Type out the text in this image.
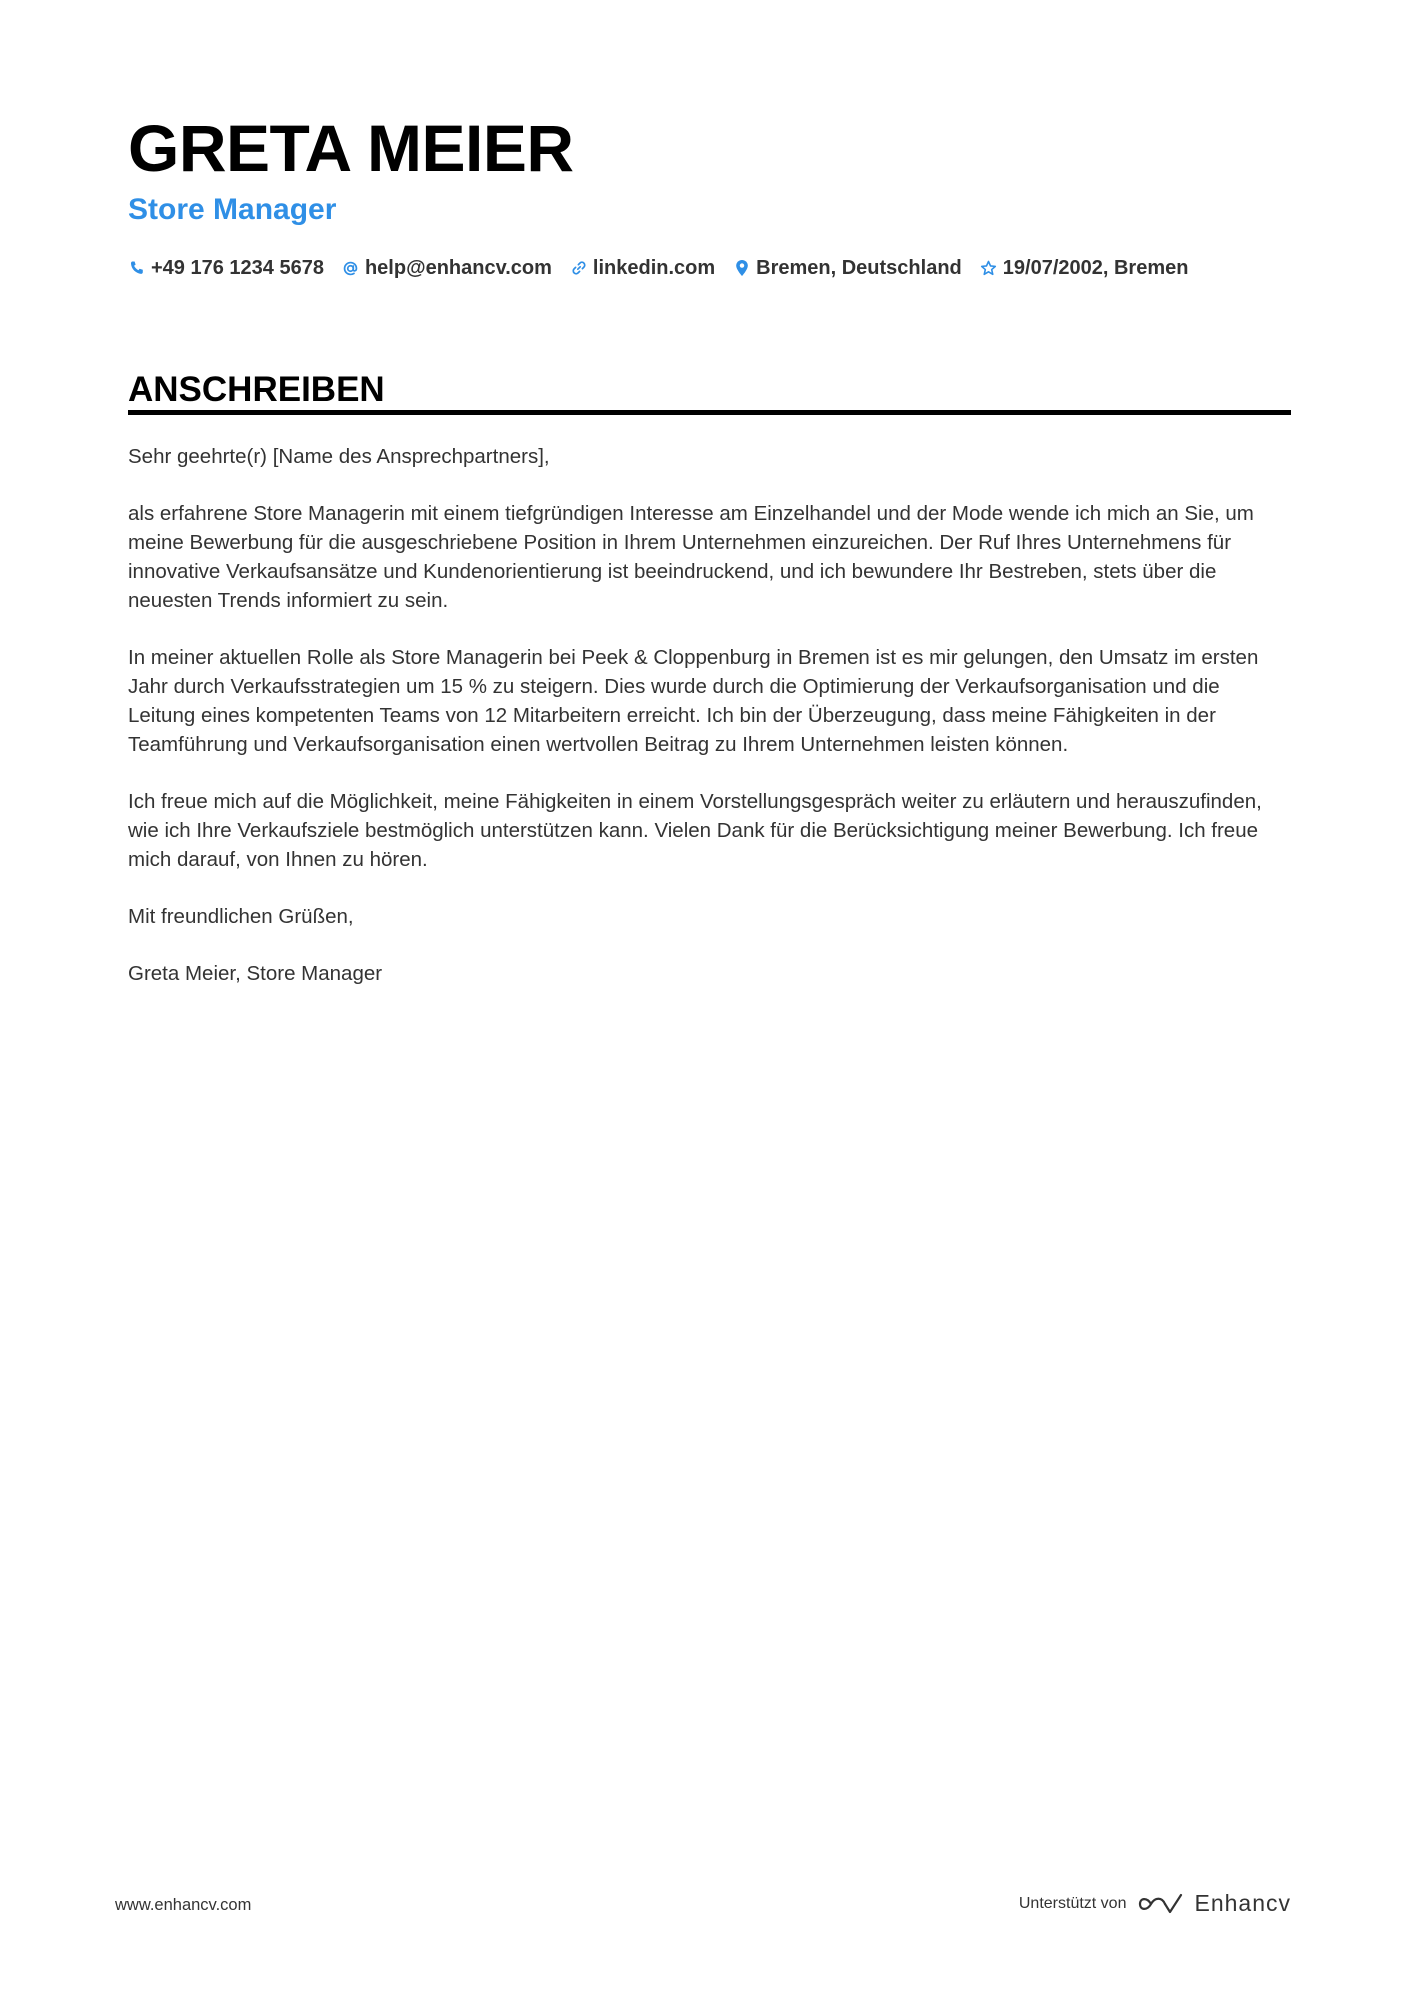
GRETA MEIER
Store Manager
+49 176 1234 5678 help@enhancv.com linkedin.com Bremen, Deutschland 19/07/2002, Bremen
ANSCHREIBEN

Sehr geehrte(r) [Name des Ansprechpartners],

als erfahrene Store Managerin mit einem tiefgründigen Interesse am Einzelhandel und der Mode wende ich mich an Sie, um meine Bewerbung für die ausgeschriebene Position in Ihrem Unternehmen einzureichen. Der Ruf Ihres Unternehmens für innovative Verkaufsansätze und Kundenorientierung ist beeindruckend, und ich bewundere Ihr Bestreben, stets über die neuesten Trends informiert zu sein.

In meiner aktuellen Rolle als Store Managerin bei Peek & Cloppenburg in Bremen ist es mir gelungen, den Umsatz im ersten Jahr durch Verkaufsstrategien um 15 % zu steigern. Dies wurde durch die Optimierung der Verkaufsorganisation und die Leitung eines kompetenten Teams von 12 Mitarbeitern erreicht. Ich bin der Überzeugung, dass meine Fähigkeiten in der Teamführung und Verkaufsorganisation einen wertvollen Beitrag zu Ihrem Unternehmen leisten können.

Ich freue mich auf die Möglichkeit, meine Fähigkeiten in einem Vorstellungsgespräch weiter zu erläutern und herauszufinden, wie ich Ihre Verkaufsziele bestmöglich unterstützen kann. Vielen Dank für die Berücksichtigung meiner Bewerbung. Ich freue mich darauf, von Ihnen zu hören.

Mit freundlichen Grüßen,

Greta Meier, Store Manager

www.enhancv.com	Unterstützt von	Enhancv
